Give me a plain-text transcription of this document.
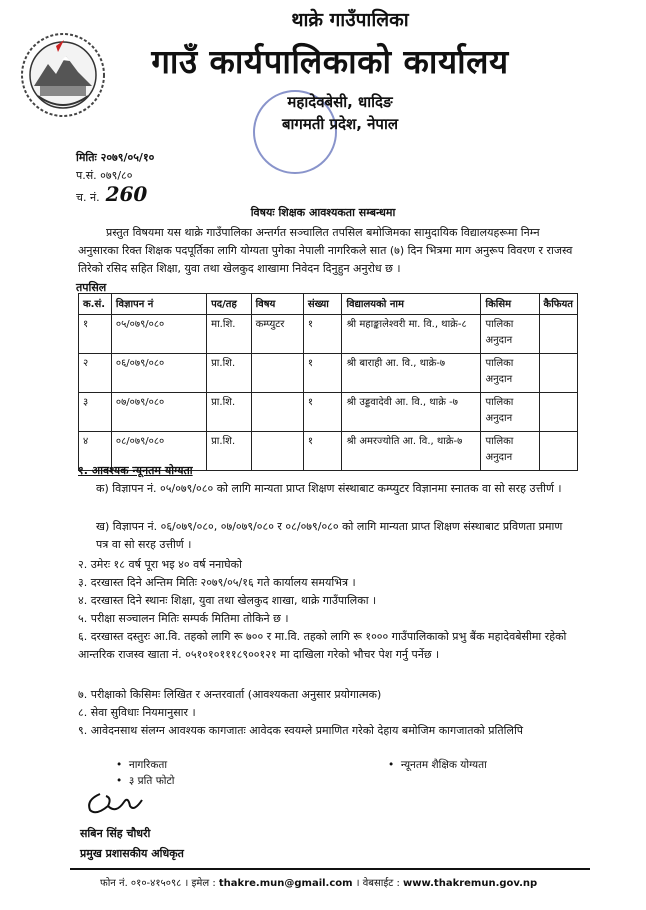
थाक्रे गाउँपालिका
गाउँ कार्यपालिकाको कार्यालय
महादेवबेसी, धादिङ
बागमती प्रदेश, नेपाल
मितिः २०७९/०५/१०
प.सं. ०७९/८०
च. नं. 260
विषयः शिक्षक आवश्यकता सम्बन्धमा
प्रस्तुत विषयमा यस थाक्रे गाउँपालिका अन्तर्गत सञ्चालित तपसिल बमोजिमका सामुदायिक विद्यालयहरूमा निम्न अनुसारका रिक्त शिक्षक पदपूर्तिका लागि योग्यता पुगेका नेपाली नागरिकले सात (७) दिन भित्रमा माग अनुरूप विवरण र राजस्व तिरेको रसिद सहित शिक्षा, युवा तथा खेलकुद शाखामा निवेदन दिनुहुन अनुरोध छ ।
तपसिल
क.सं.	विज्ञापन नं	पद/तह	विषय	संख्या	विद्यालयको नाम	किसिम	कैफियत
१	०५/०७९/०८०	मा.शि.	कम्प्युटर	१	श्री महाङ्कालेश्वरी मा. वि., थाक्रे-८	पालिका अनुदान	
२	०६/०७९/०८०	प्रा.शि.		१	श्री बाराही आ. वि., थाक्रे-७	पालिका अनुदान	
३	०७/०७९/०८०	प्रा.शि.		१	श्री उड्डवादेवी आ. वि., थाक्रे -७	पालिका अनुदान	
४	०८/०७९/०८०	प्रा.शि.		१	श्री अमरज्योति आ. वि., थाक्रे-७	पालिका अनुदान	
१. आवश्यक न्यूनतम योग्यता
क) विज्ञापन नं. ०५/०७९/०८० को लागि मान्यता प्राप्त शिक्षण संस्थाबाट कम्प्युटर विज्ञानमा स्नातक वा सो सरह उत्तीर्ण ।
ख) विज्ञापन नं. ०६/०७९/०८०, ०७/०७९/०८० र ०८/०७९/०८० को लागि मान्यता प्राप्त शिक्षण संस्थाबाट प्रविणता प्रमाण पत्र वा सो सरह उत्तीर्ण ।
२. उमेरः १८ वर्ष पूरा भइ ४० वर्ष ननाघेको
३. दरखास्त दिने अन्तिम मितिः २०७९/०५/१६ गते कार्यालय समयभित्र ।
४. दरखास्त दिने स्थानः शिक्षा, युवा तथा खेलकुद शाखा, थाक्रे गाउँपालिका ।
५. परीक्षा सञ्चालन मितिः सम्पर्क मितिमा तोकिने छ ।
६. दरखास्त दस्तुरः आ.वि. तहको लागि रू ७०० र मा.वि. तहको लागि रू १००० गाउँपालिकाको प्रभु बैंक महादेवबेसीमा रहेको आन्तरिक राजस्व खाता नं. ०५१०१०१११८९००१२१ मा दाखिला गरेको भौचर पेश गर्नु पर्नेछ ।
७. परीक्षाको किसिमः लिखित र अन्तरवार्ता (आवश्यकता अनुसार प्रयोगात्मक)
८. सेवा सुविधाः नियमानुसार ।
९. आवेदनसाथ संलग्न आवश्यक कागजातः आवेदक स्वयम्ले प्रमाणित गरेको देहाय बमोजिम कागजातको प्रतिलिपि
•  नागरिकता	•  न्यूनतम शैक्षिक योग्यता
•  ३ प्रति फोटो
सबिन सिंह चौधरी
प्रमुख प्रशासकीय अधिकृत
फोन नं. ०१०-४१५०९८ । इमेल : thakre.mun@gmail.com । वेबसाईट : www.thakremun.gov.np
